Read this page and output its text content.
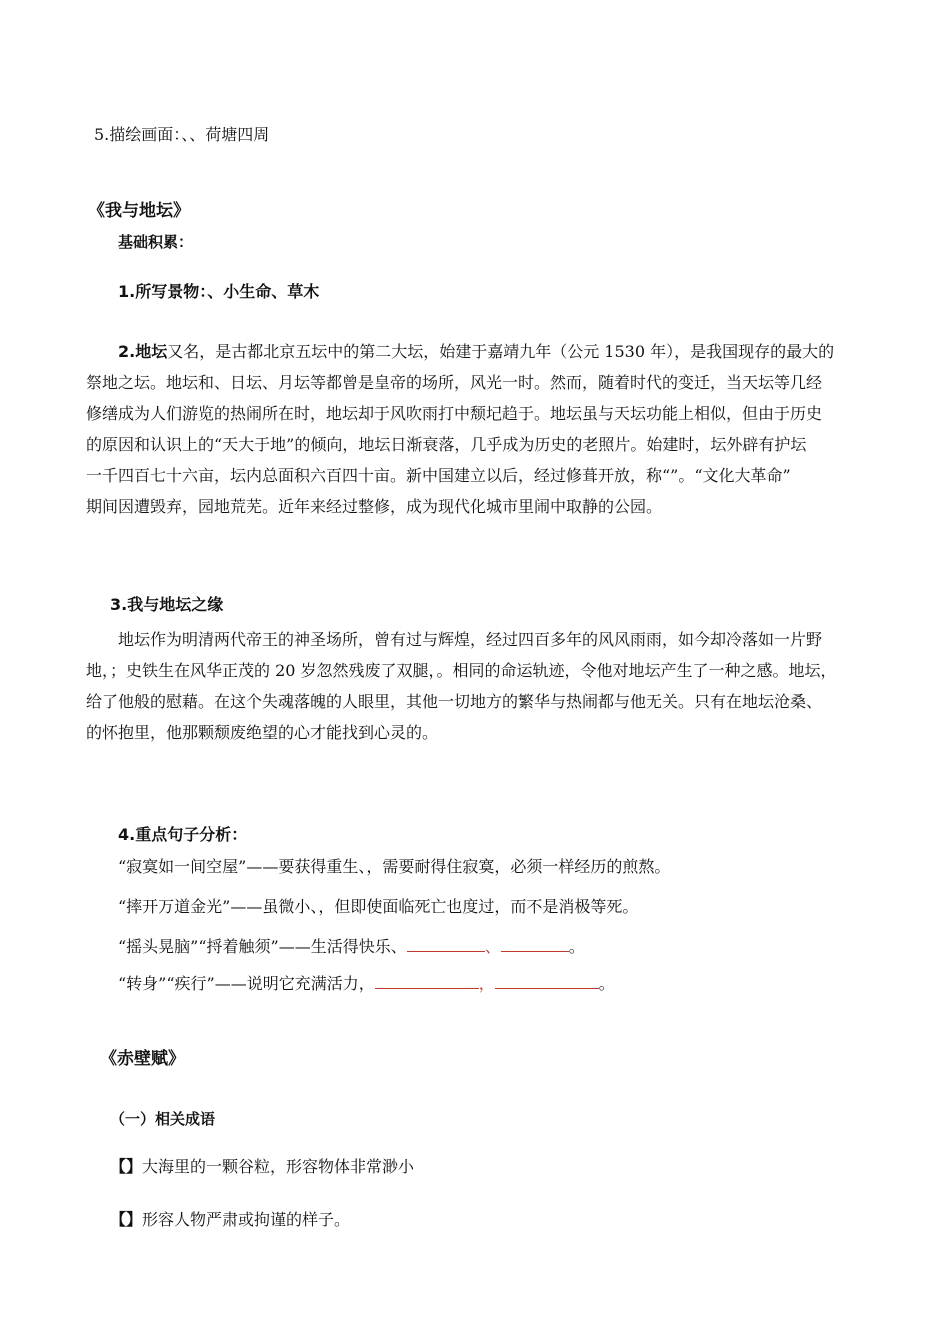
5.描绘画面：、、荷塘四周
《我与地坛》
基础积累：
1.所写景物：、小生命、草木

2.地坛又名，是古都北京五坛中的第二大坛，始建于嘉靖九年（公元 1530 年），是我国现存的最大的

祭地之坛。地坛和、日坛、月坛等都曾是皇帝的场所，风光一时。然而，随着时代的变迁，当天坛等几经

修缮成为人们游览的热闹所在时，地坛却于风吹雨打中颓圮趋于。地坛虽与天坛功能上相似，但由于历史

的原因和认识上的“天大于地”的倾向，地坛日渐衰落，几乎成为历史的老照片。始建时，坛外辟有护坛

一千四百七十六亩，坛内总面积六百四十亩。新中国建立以后，经过修葺开放，称“”。“文化大革命”

期间因遭毁弃，园地荒芜。近年来经过整修，成为现代化城市里闹中取静的公园。

3.我与地坛之缘

地坛作为明清两代帝王的神圣场所，曾有过与辉煌，经过四百多年的风风雨雨，如今却冷落如一片野

地，；史铁生在风华正茂的 20 岁忽然残废了双腿，。相同的命运轨迹，令他对地坛产生了一种之感。地坛，

给了他般的慰藉。在这个失魂落魄的人眼里，其他一切地方的繁华与热闹都与他无关。只有在地坛沧桑、

的怀抱里，他那颗颓废绝望的心才能找到心灵的。

4.重点句子分析：
“寂寞如一间空屋”——要获得重生、，需要耐得住寂寞，必须一样经历的煎熬。
“摔开万道金光”——虽微小、，但即使面临死亡也度过，而不是消极等死。
“摇头晃脑”“捋着触须”——生活得快乐、	、	。
“转身”“疾行”——说明它充满活力，	，	。
《赤壁赋》
（一）相关成语
【】大海里的一颗谷粒，形容物体非常渺小
【】形容人物严肃或拘谨的样子。
